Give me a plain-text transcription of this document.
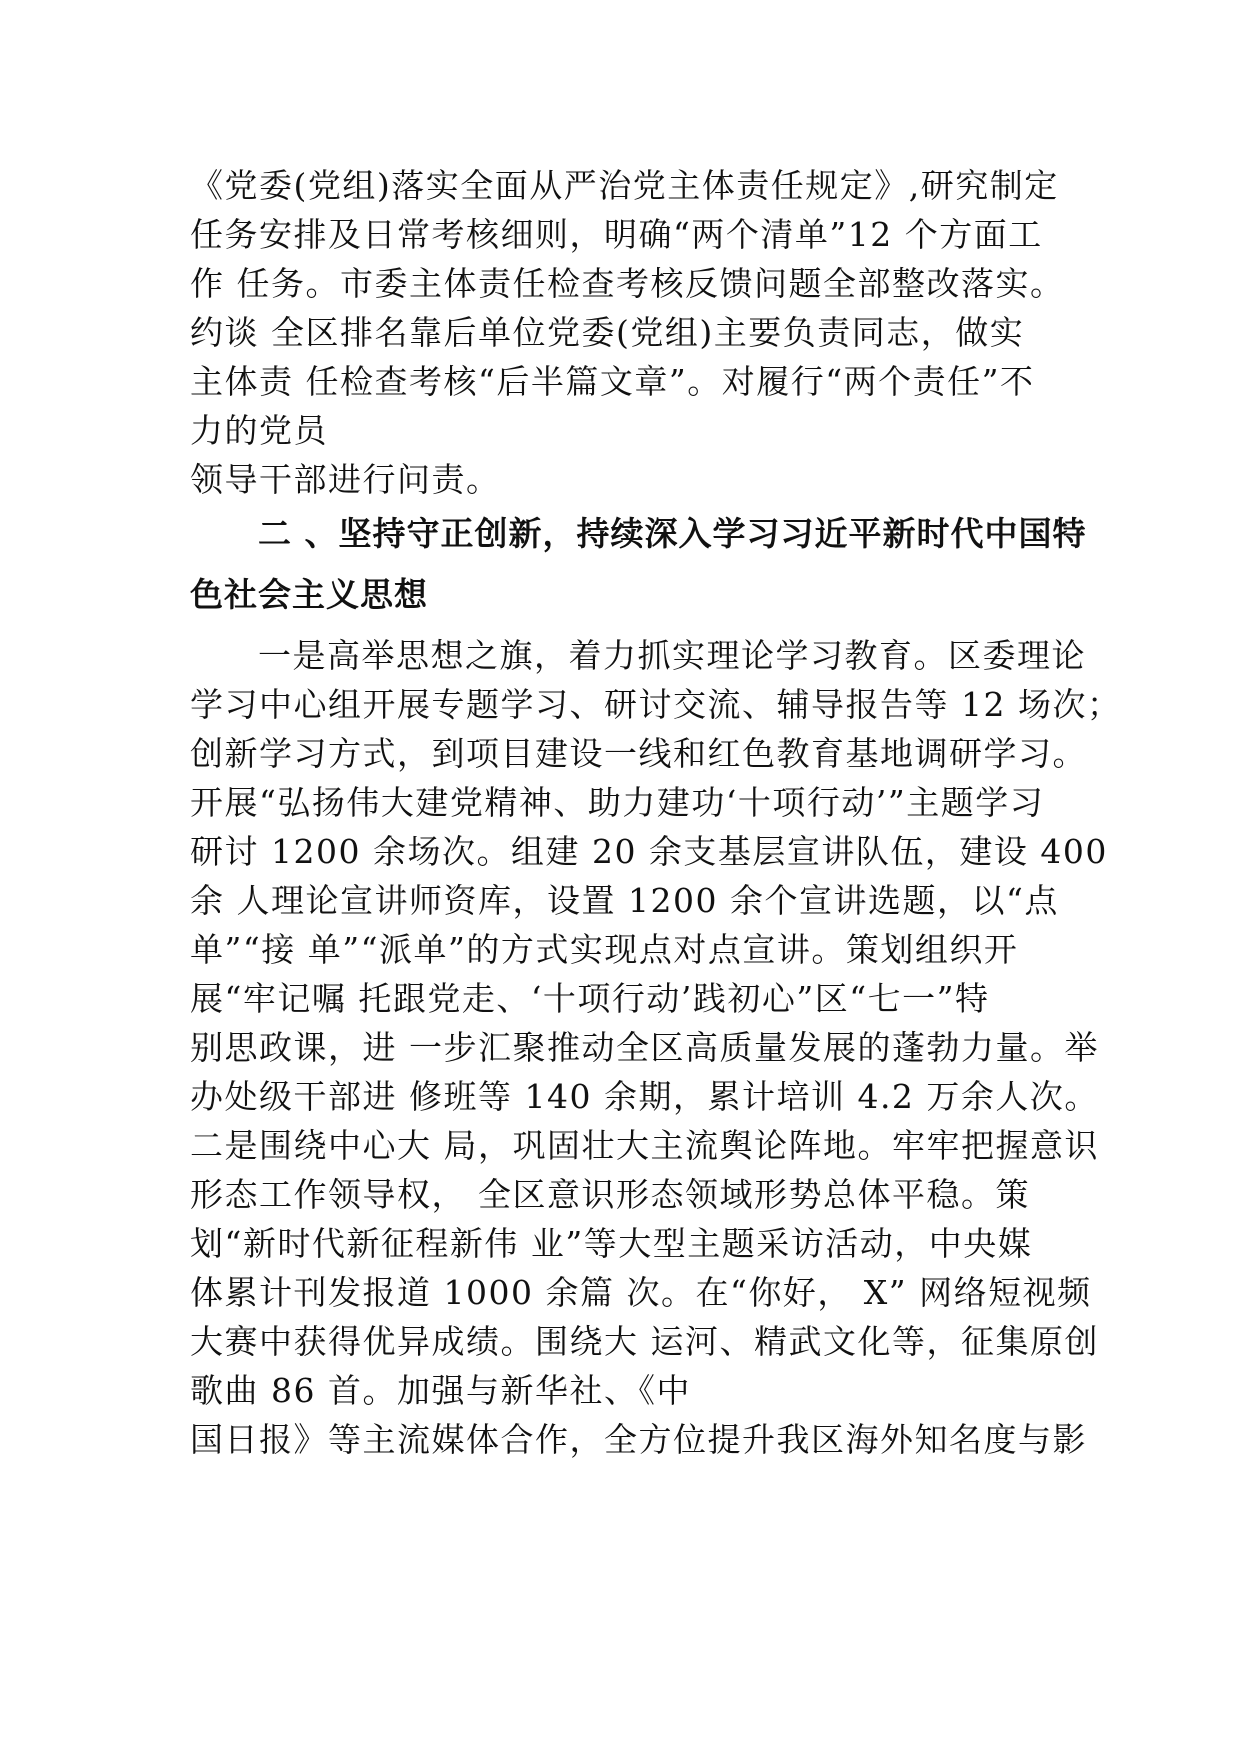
《党委(党组)落实全面从严治党主体责任规定》,研究制定
任务安排及日常考核细则，明确“两个清单”12 个方面工
作 任务。市委主体责任检查考核反馈问题全部整改落实。
约谈 全区排名靠后单位党委(党组)主要负责同志，做实
主体责 任检查考核“后半篇文章”。对履行“两个责任”不
力的党员
领导干部进行问责。
二 、坚持守正创新，持续深入学习习近平新时代中国特
色社会主义思想
一是高举思想之旗，着力抓实理论学习教育。区委理论
学习中心组开展专题学习、研讨交流、辅导报告等 12 场次；
创新学习方式，到项目建设一线和红色教育基地调研学习。
开展“弘扬伟大建党精神、助力建功‘十项行动’”主题学习
研讨 1200 余场次。组建 20 余支基层宣讲队伍，建设 400
余 人理论宣讲师资库，设置 1200 余个宣讲选题，以“点
单”“接 单”“派单”的方式实现点对点宣讲。策划组织开
展“牢记嘱 托跟党走、‘十项行动’践初心”区“七一”特
别思政课，进 一步汇聚推动全区高质量发展的蓬勃力量。举
办处级干部进 修班等 140 余期，累计培训 4.2 万余人次。
二是围绕中心大 局，巩固壮大主流舆论阵地。牢牢把握意识
形态工作领导权， 全区意识形态领域形势总体平稳。策
划“新时代新征程新伟 业”等大型主题采访活动，中央媒
体累计刊发报道 1000 余篇 次。在“你好， X” 网络短视频
大赛中获得优异成绩。围绕大 运河、精武文化等，征集原创
歌曲 86 首。加强与新华社、《中
国日报》等主流媒体合作，全方位提升我区海外知名度与影
